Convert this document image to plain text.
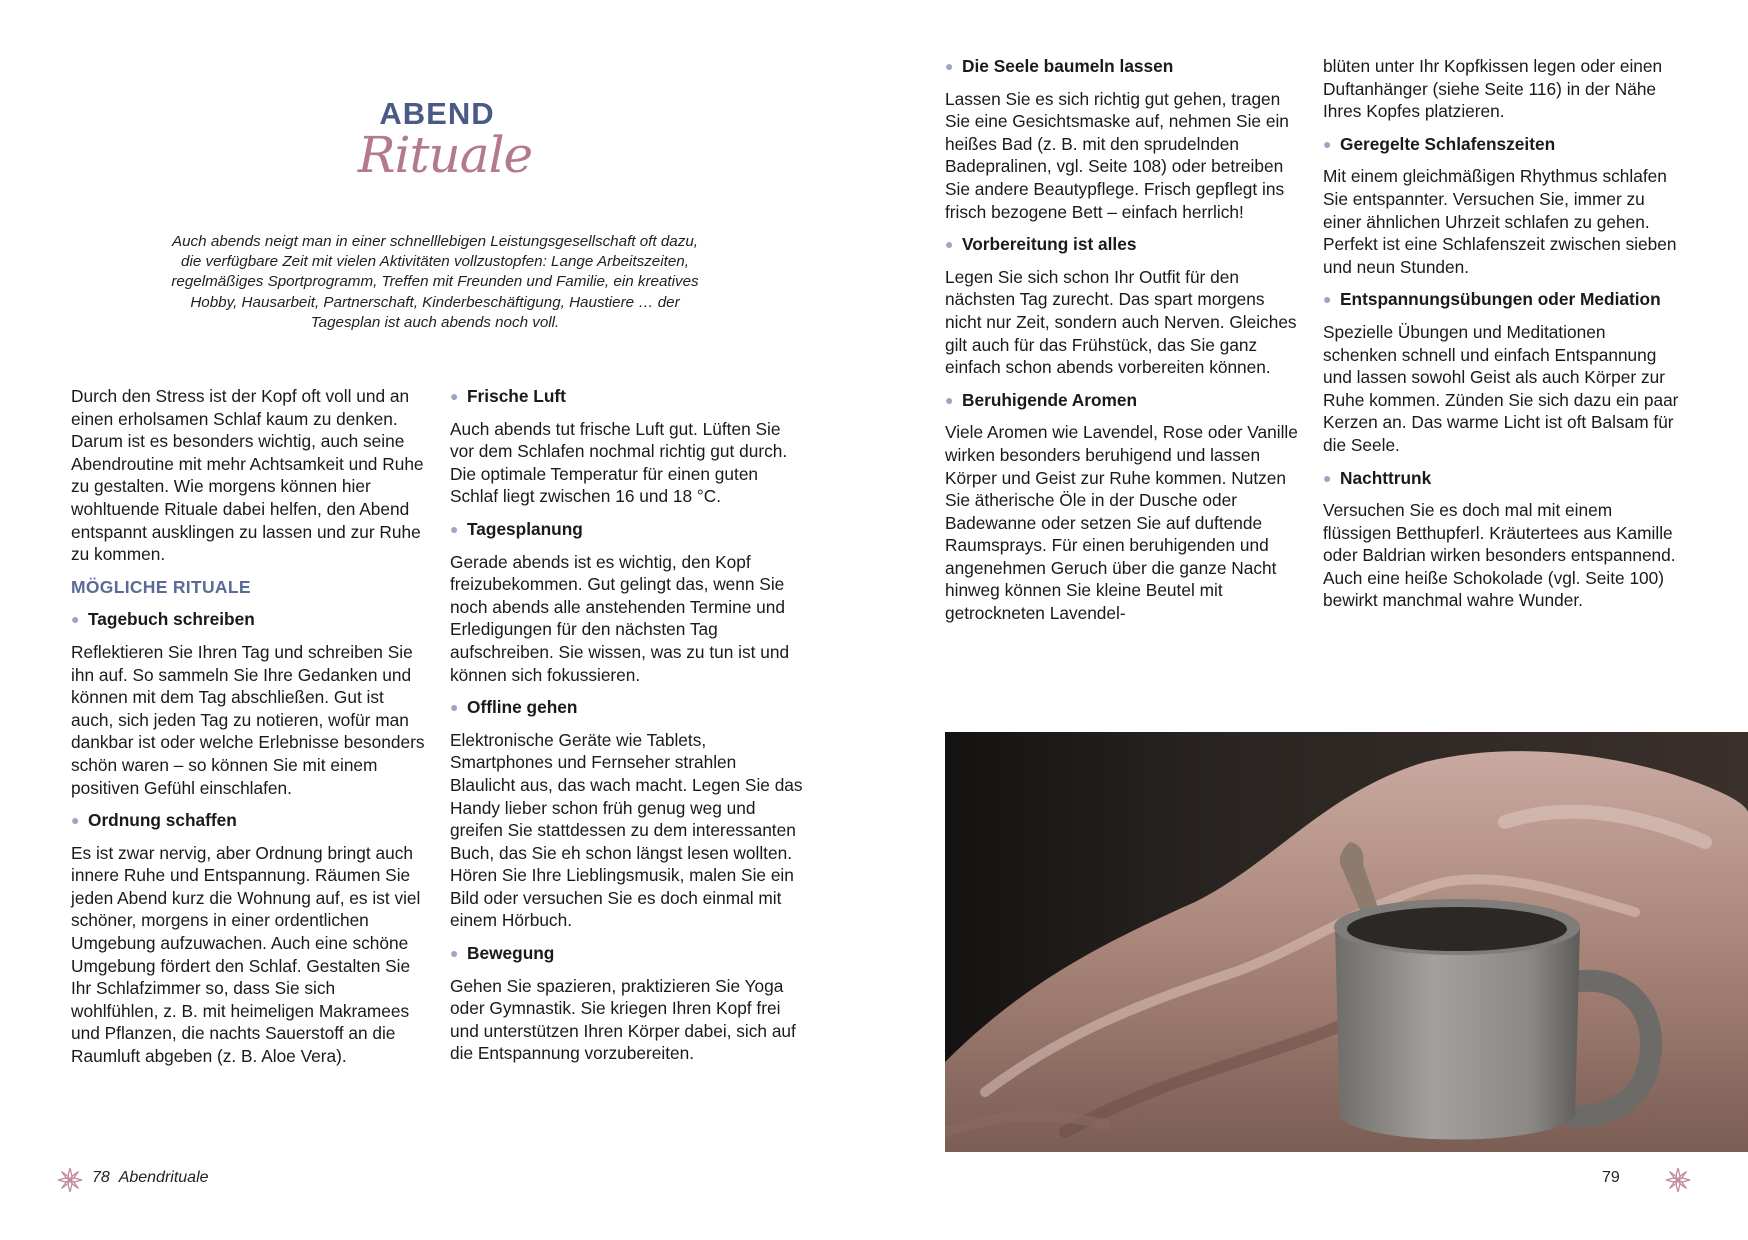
ABEND
Rituale
Auch abends neigt man in einer schnelllebigen Leistungsgesellschaft oft dazu, die verfügbare Zeit mit vielen Aktivitäten vollzustopfen: Lange Arbeitszeiten, regelmäßiges Sportprogramm, Treffen mit Freunden und Familie, ein kreatives Hobby, Hausarbeit, Partnerschaft, Kinderbeschäftigung, Haustiere … der Tagesplan ist auch abends noch voll.

Durch den Stress ist der Kopf oft voll und an einen erholsamen Schlaf kaum zu denken. Darum ist es besonders wichtig, auch seine Abendroutine mit mehr Achtsamkeit und Ruhe zu gestalten. Wie morgens können hier wohltuende Rituale dabei helfen, den Abend entspannt ausklingen zu lassen und zur Ruhe zu kommen.

MÖGLICHE RITUALE
● Tagebuch schreiben

Reflektieren Sie Ihren Tag und schreiben Sie ihn auf. So sammeln Sie Ihre Gedanken und können mit dem Tag abschließen. Gut ist auch, sich jeden Tag zu notieren, wofür man dankbar ist oder welche Erlebnisse besonders schön waren – so können Sie mit einem positiven Gefühl einschlafen.

● Ordnung schaffen

Es ist zwar nervig, aber Ordnung bringt auch innere Ruhe und Entspannung. Räumen Sie jeden Abend kurz die Wohnung auf, es ist viel schöner, morgens in einer ordentlichen Umgebung aufzuwachen. Auch eine schöne Umgebung fördert den Schlaf. Gestalten Sie Ihr Schlafzimmer so, dass Sie sich wohlfühlen, z. B. mit heimeligen Makramees und Pflanzen, die nachts Sauerstoff an die Raumluft abgeben (z. B. Aloe Vera).

● Frische Luft

Auch abends tut frische Luft gut. Lüften Sie vor dem Schlafen nochmal richtig gut durch. Die optimale Temperatur für einen guten Schlaf liegt zwischen 16 und 18 °C.

● Tagesplanung

Gerade abends ist es wichtig, den Kopf freizubekommen. Gut gelingt das, wenn Sie noch abends alle anstehenden Termine und Erledigungen für den nächsten Tag aufschreiben. Sie wissen, was zu tun ist und können sich fokussieren.

● Offline gehen

Elektronische Geräte wie Tablets, Smartphones und Fernseher strahlen Blaulicht aus, das wach macht. Legen Sie das Handy lieber schon früh genug weg und greifen Sie stattdessen zu dem interessanten Buch, das Sie eh schon längst lesen wollten. Hören Sie Ihre Lieblingsmusik, malen Sie ein Bild oder versuchen Sie es doch einmal mit einem Hörbuch.

● Bewegung

Gehen Sie spazieren, praktizieren Sie Yoga oder Gymnastik. Sie kriegen Ihren Kopf frei und unterstützen Ihren Körper dabei, sich auf die Entspannung vorzubereiten.

● Die Seele baumeln lassen

Lassen Sie es sich richtig gut gehen, tragen Sie eine Gesichtsmaske auf, nehmen Sie ein heißes Bad (z. B. mit den sprudelnden Badepralinen, vgl. Seite 108) oder betreiben Sie andere Beautypflege. Frisch gepflegt ins frisch bezogene Bett – einfach herrlich!

● Vorbereitung ist alles

Legen Sie sich schon Ihr Outfit für den nächsten Tag zurecht. Das spart morgens nicht nur Zeit, sondern auch Nerven. Gleiches gilt auch für das Frühstück, das Sie ganz einfach schon abends vorbereiten können.

● Beruhigende Aromen

Viele Aromen wie Lavendel, Rose oder Vanille wirken besonders beruhigend und lassen Körper und Geist zur Ruhe kommen. Nutzen Sie ätherische Öle in der Dusche oder Badewanne oder setzen Sie auf duftende Raumsprays. Für einen beruhigenden und angenehmen Geruch über die ganze Nacht hinweg können Sie kleine Beutel mit getrockneten Lavendel-

blüten unter Ihr Kopfkissen legen oder einen Duftanhänger (siehe Seite 116) in der Nähe Ihres Kopfes platzieren.

● Geregelte Schlafenszeiten

Mit einem gleichmäßigen Rhythmus schlafen Sie entspannter. Versuchen Sie, immer zu einer ähnlichen Uhrzeit schlafen zu gehen. Perfekt ist eine Schlafenszeit zwischen sieben und neun Stunden.

● Entspannungsübungen oder Mediation

Spezielle Übungen und Meditationen schenken schnell und einfach Entspannung und lassen sowohl Geist als auch Körper zur Ruhe kommen. Zünden Sie sich dazu ein paar Kerzen an. Das warme Licht ist oft Balsam für die Seele.

● Nachttrunk

Versuchen Sie es doch mal mit einem flüssigen Betthupferl. Kräutertees aus Kamille oder Baldrian wirken besonders entspannend. Auch eine heiße Schokolade (vgl. Seite 100) bewirkt manchmal wahre Wunder.

78 Abendrituale	79
